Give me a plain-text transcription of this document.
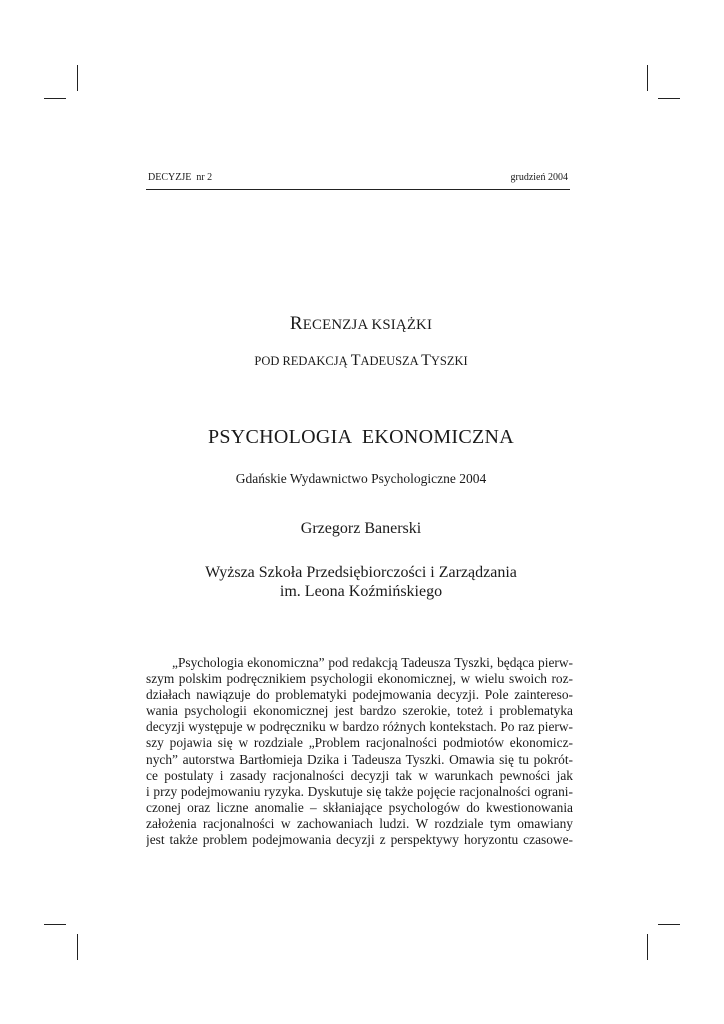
DECYZJE  nr 2	grudzień 2004
RECENZJA KSIĄŻKI
POD REDAKCJĄ TADEUSZA TYSZKI
PSYCHOLOGIA  EKONOMICZNA
Gdańskie Wydawnictwo Psychologiczne 2004
Grzegorz Banerski
Wyższa Szkoła Przedsiębiorczości i Zarządzania
im. Leona Koźmińskiego
„Psychologia ekonomiczna” pod redakcją Tadeusza Tyszki, będąca pierw-
szym polskim podręcznikiem psychologii ekonomicznej, w wielu swoich roz-
działach nawiązuje do problematyki podejmowania decyzji. Pole zaintereso-
wania psychologii ekonomicznej jest bardzo szerokie, toteż i problematyka
decyzji występuje w podręczniku w bardzo różnych kontekstach. Po raz pierw-
szy pojawia się w rozdziale „Problem racjonalności podmiotów ekonomicz-
nych” autorstwa Bartłomieja Dzika i Tadeusza Tyszki. Omawia się tu pokrót-
ce postulaty i zasady racjonalności decyzji tak w warunkach pewności jak
i przy podejmowaniu ryzyka. Dyskutuje się także pojęcie racjonalności ograni-
czonej oraz liczne anomalie – skłaniające psychologów do kwestionowania
założenia racjonalności w zachowaniach ludzi. W rozdziale tym omawiany
jest także problem podejmowania decyzji z perspektywy horyzontu czasowe-
